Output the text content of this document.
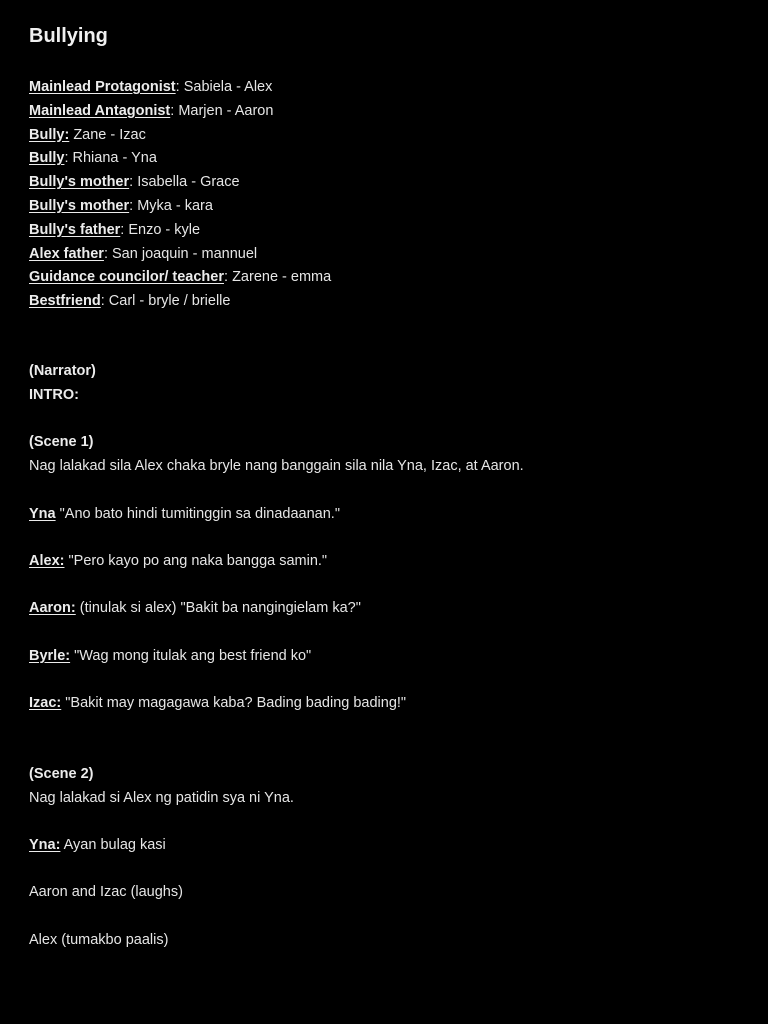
Bullying
Mainlead Protagonist: Sabiela - Alex
Mainlead Antagonist: Marjen - Aaron
Bully: Zane - Izac
Bully: Rhiana - Yna
Bully's mother: Isabella - Grace
Bully's mother: Myka - kara
Bully's father: Enzo - kyle
Alex father: San joaquin - mannuel
Guidance councilor/ teacher: Zarene - emma
Bestfriend: Carl - bryle / brielle
(Narrator)
INTRO:
(Scene 1)
Nag lalakad sila Alex chaka bryle nang banggain sila nila Yna, Izac, at Aaron.
Yna "Ano bato hindi tumitinggin sa dinadaanan."
Alex: "Pero kayo po ang naka bangga samin."
Aaron: (tinulak si alex) "Bakit ba nangingielam ka?"
Byrle: "Wag mong itulak ang best friend ko"
Izac: "Bakit may magagawa kaba? Bading bading bading!"
(Scene 2)
Nag lalakad si Alex ng patidin sya ni Yna.
Yna: Ayan bulag kasi
Aaron and Izac (laughs)
Alex (tumakbo paalis)
